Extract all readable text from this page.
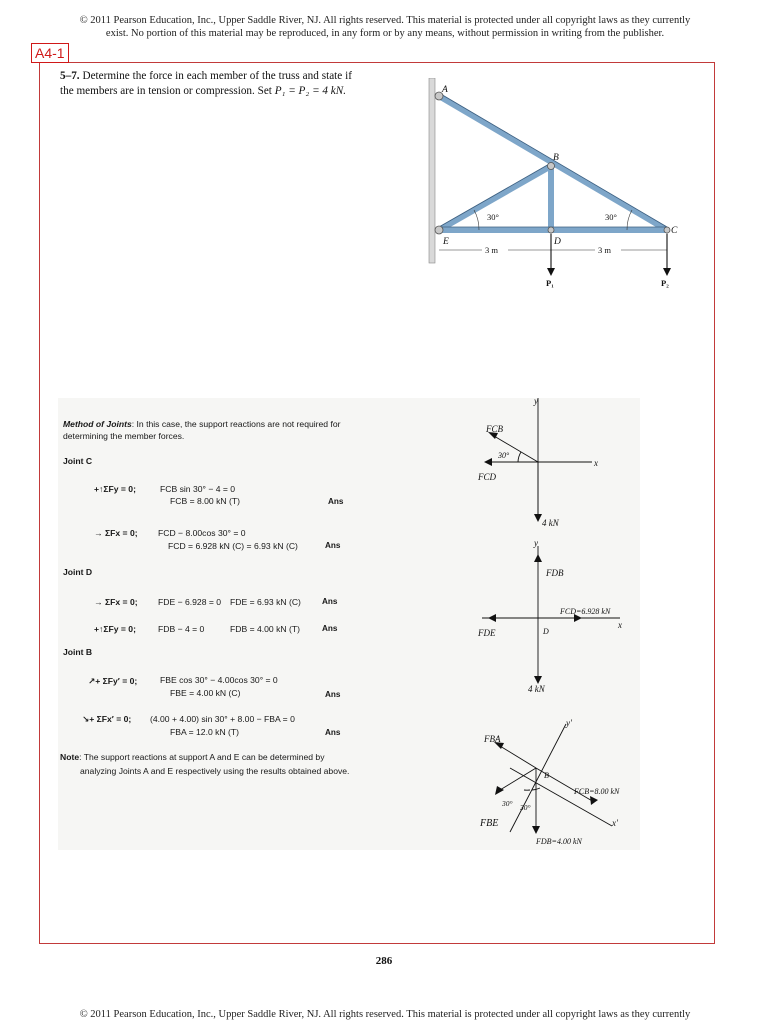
© 2011 Pearson Education, Inc., Upper Saddle River, NJ. All rights reserved. This material is protected under all copyright laws as they currently
exist. No portion of this material may be reproduced, in any form or by any means, without permission in writing from the publisher.
A4-1
5–7. Determine the force in each member of the truss and state if the members are in tension or compression. Set P₁ = P₂ = 4 kN.	A
B
C
D
E
30°	30°
3 m	3 m
P₁	P₂
Method of Joints: In this case, the support reactions are not required for
determining the member forces.
Joint C
+↑ΣFy = 0;	FCB sin 30° − 4 = 0
FCB = 8.00 kN (T)	Ans
→ ΣFx = 0; FCD − 8.00cos 30° = 0
FCD = 6.928 kN (C) = 6.93 kN (C)	Ans
Joint D
→ ΣFx = 0; FDE − 6.928 = 0 FDE = 6.93 kN (C)	Ans
+↑ΣFy = 0;	FDB − 4 = 0	FDB = 4.00 kN (T)	Ans
Joint B
↗+ ΣFy′ = 0;	FBE cos 30° − 4.00cos 30° = 0
FBE = 4.00 kN (C)	Ans
↘+ ΣFx′ = 0; (4.00 + 4.00) sin 30° + 8.00 − FBA = 0
FBA = 12.0 kN (T)	Ans
Note: The support reactions at support A and E can be determined by
analyzing Joints A and E respectively using the results obtained above.
y
FCB
30°
x
FCD
4 kN
y
FDB
FCD=6.928 kN
x
FDE	D
4 kN
FBA
y′
B
FCB=8.00 kN
x′
30° 30°
FBE
FDB=4.00 kN
286
© 2011 Pearson Education, Inc., Upper Saddle River, NJ. All rights reserved. This material is protected under all copyright laws as they currently
